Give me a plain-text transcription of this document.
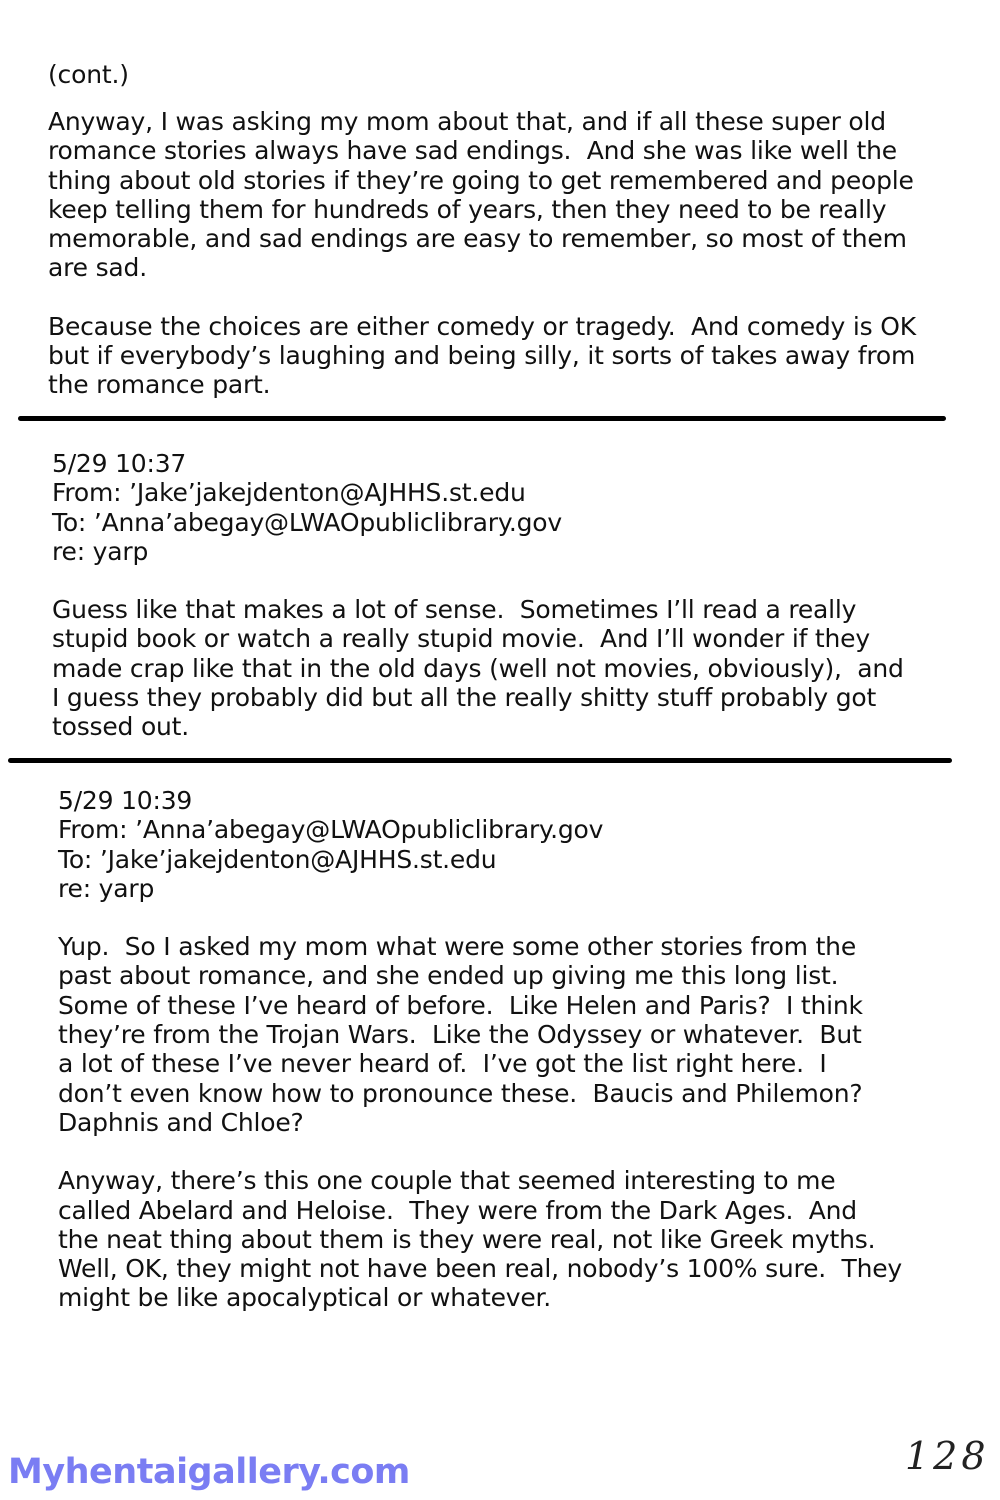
(cont.)

Anyway, I was asking my mom about that, and if all these super old
romance stories always have sad endings.  And she was like well the
thing about old stories if they’re going to get remembered and people
keep telling them for hundreds of years, then they need to be really
memorable, and sad endings are easy to remember, so most of them
are sad.

Because the choices are either comedy or tragedy.  And comedy is OK
but if everybody’s laughing and being silly, it sorts of takes away from
the romance part.

5/29 10:37

From: ’Jake’jakejdenton@AJHHS.st.edu

To: ’Anna’abegay@LWAOpubliclibrary.gov

re: yarp

Guess like that makes a lot of sense.  Sometimes I’ll read a really
stupid book or watch a really stupid movie.  And I’ll wonder if they
made crap like that in the old days (well not movies, obviously),  and
I guess they probably did but all the really shitty stuff probably got
tossed out.

5/29 10:39

From: ’Anna’abegay@LWAOpubliclibrary.gov

To: ’Jake’jakejdenton@AJHHS.st.edu

re: yarp

Yup.  So I asked my mom what were some other stories from the
past about romance, and she ended up giving me this long list.
Some of these I’ve heard of before.  Like Helen and Paris?  I think
they’re from the Trojan Wars.  Like the Odyssey or whatever.  But
a lot of these I’ve never heard of.  I’ve got the list right here.  I
don’t even know how to pronounce these.  Baucis and Philemon?
Daphnis and Chloe?

Anyway, there’s this one couple that seemed interesting to me
called Abelard and Heloise.  They were from the Dark Ages.  And
the neat thing about them is they were real, not like Greek myths.
Well, OK, they might not have been real, nobody’s 100% sure.  They
might be like apocalyptical or whatever.

Myhentaigallery.com	128
